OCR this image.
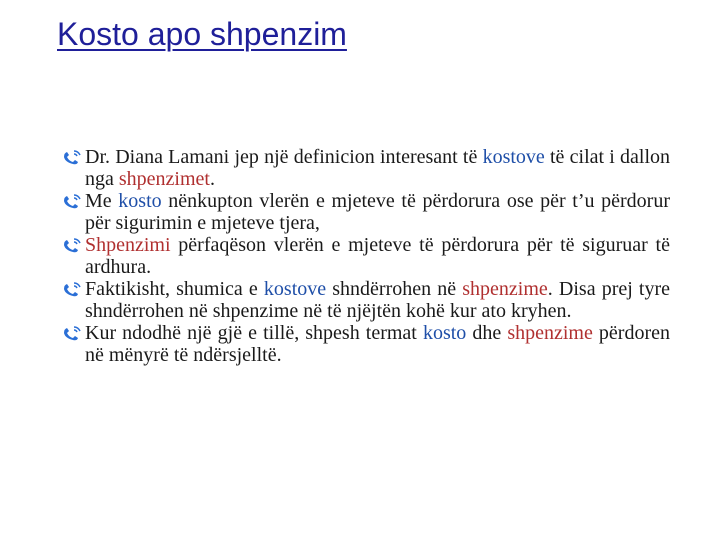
Kosto apo shpenzim
Dr. Diana Lamani jep një definicion interesant të kostove të cilat i dallon nga shpenzimet.
Me kosto nënkupton vlerën e mjeteve të përdorura ose për t’u përdorur për sigurimin e mjeteve tjera,
Shpenzimi përfaqëson vlerën e mjeteve të përdorura për të siguruar të ardhura.
Faktikisht, shumica e kostove shndërrohen në shpenzime. Disa prej tyre shndërrohen në shpenzime në të njëjtën kohë kur ato kryhen.
Kur ndodhë një gjë e tillë, shpesh termat kosto dhe shpenzime përdoren në mënyrë të ndërsjelltë.
